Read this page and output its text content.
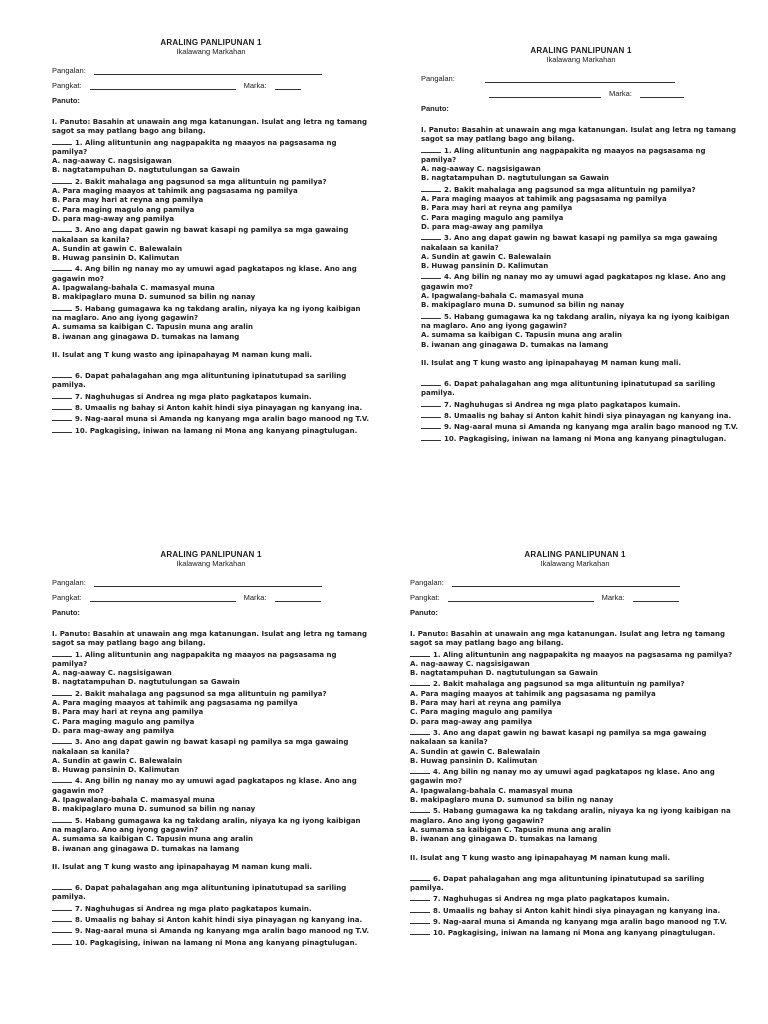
ARALING PANLIPUNAN 1
Ikalawang Markahan
Pangalan:
Pangkat:	Marka:
Panuto:
I. Panuto: Basahin at unawain ang mga katanungan. Isulat ang letra ng tamang sagot sa may patlang bago ang bilang.
1. Aling alituntunin ang nagpapakita ng maayos na pagsasama ng pamilya?
A. nag-aaway C. nagsisigawan
B. nagtatampuhan D. nagtutulungan sa Gawain
2. Bakit mahalaga ang pagsunod sa mga alituntuin ng pamilya?
A. Para maging maayos at tahimik ang pagsasama ng pamilya
B. Para may hari at reyna ang pamilya
C. Para maging magulo ang pamilya
D. para mag-away ang pamilya
3. Ano ang dapat gawin ng bawat kasapi ng pamilya sa mga gawaing nakalaan sa kanila?
A. Sundin at gawin C. Balewalain
B. Huwag pansinin D. Kalimutan
4. Ang bilin ng nanay mo ay umuwi agad pagkatapos ng klase. Ano ang gagawin mo?
A. Ipagwalang-bahala C. mamasyal muna
B. makipaglaro muna D. sumunod sa bilin ng nanay
5. Habang gumagawa ka ng takdang aralin, niyaya ka ng iyong kaibigan na maglaro. Ano ang iyong gagawin?
A. sumama sa kaibigan C. Tapusin muna ang aralin
B. iwanan ang ginagawa D. tumakas na lamang
II. Isulat ang T kung wasto ang ipinapahayag M naman kung mali.
6. Dapat pahalagahan ang mga alituntuning ipinatutupad sa sariling pamilya.
7. Naghuhugas si Andrea ng mga plato pagkatapos kumain.
8. Umaalis ng bahay si Anton kahit hindi siya pinayagan ng kanyang ina.
9. Nag-aaral muna si Amanda ng kanyang mga aralin bago manood ng T.V.
10. Pagkagising, iniwan na lamang ni Mona ang kanyang pinagtulugan.
ARALING PANLIPUNAN 1
Ikalawang Markahan
Pangalan:
Marka:
Panuto:
I. Panuto: Basahin at unawain ang mga katanungan. Isulat ang letra ng tamang sagot sa may patlang bago ang bilang.
1. Aling alituntunin ang nagpapakita ng maayos na pagsasama ng pamilya?
A. nag-aaway C. nagsisigawan
B. nagtatampuhan D. nagtutulungan sa Gawain
2. Bakit mahalaga ang pagsunod sa mga alituntuin ng pamilya?
A. Para maging maayos at tahimik ang pagsasama ng pamilya
B. Para may hari at reyna ang pamilya
C. Para maging magulo ang pamilya
D. para mag-away ang pamilya
3. Ano ang dapat gawin ng bawat kasapi ng pamilya sa mga gawaing nakalaan sa kanila?
A. Sundin at gawin C. Balewalain
B. Huwag pansinin D. Kalimutan
4. Ang bilin ng nanay mo ay umuwi agad pagkatapos ng klase. Ano ang gagawin mo?
A. Ipagwalang-bahala C. mamasyal muna
B. makipaglaro muna D. sumunod sa bilin ng nanay
5. Habang gumagawa ka ng takdang aralin, niyaya ka ng iyong kaibigan na maglaro. Ano ang iyong gagawin?
A. sumama sa kaibigan C. Tapusin muna ang aralin
B. iwanan ang ginagawa D. tumakas na lamang
II. Isulat ang T kung wasto ang ipinapahayag M naman kung mali.
6. Dapat pahalagahan ang mga alituntuning ipinatutupad sa sariling pamilya.
7. Naghuhugas si Andrea ng mga plato pagkatapos kumain.
8. Umaalis ng bahay si Anton kahit hindi siya pinayagan ng kanyang ina.
9. Nag-aaral muna si Amanda ng kanyang mga aralin bago manood ng T.V.
10. Pagkagising, iniwan na lamang ni Mona ang kanyang pinagtulugan.
ARALING PANLIPUNAN 1
Ikalawang Markahan
Pangalan:
Pangkat:	Marka:
Panuto:
I. Panuto: Basahin at unawain ang mga katanungan. Isulat ang letra ng tamang sagot sa may patlang bago ang bilang.
1. Aling alituntunin ang nagpapakita ng maayos na pagsasama ng pamilya?
A. nag-aaway C. nagsisigawan
B. nagtatampuhan D. nagtutulungan sa Gawain
2. Bakit mahalaga ang pagsunod sa mga alituntuin ng pamilya?
A. Para maging maayos at tahimik ang pagsasama ng pamilya
B. Para may hari at reyna ang pamilya
C. Para maging magulo ang pamilya
D. para mag-away ang pamilya
3. Ano ang dapat gawin ng bawat kasapi ng pamilya sa mga gawaing nakalaan sa kanila?
A. Sundin at gawin C. Balewalain
B. Huwag pansinin D. Kalimutan
4. Ang bilin ng nanay mo ay umuwi agad pagkatapos ng klase. Ano ang gagawin mo?
A. Ipagwalang-bahala C. mamasyal muna
B. makipaglaro muna D. sumunod sa bilin ng nanay
5. Habang gumagawa ka ng takdang aralin, niyaya ka ng iyong kaibigan na maglaro. Ano ang iyong gagawin?
A. sumama sa kaibigan C. Tapusin muna ang aralin
B. iwanan ang ginagawa D. tumakas na lamang
II. Isulat ang T kung wasto ang ipinapahayag M naman kung mali.
6. Dapat pahalagahan ang mga alituntuning ipinatutupad sa sariling pamilya.
7. Naghuhugas si Andrea ng mga plato pagkatapos kumain.
8. Umaalis ng bahay si Anton kahit hindi siya pinayagan ng kanyang ina.
9. Nag-aaral muna si Amanda ng kanyang mga aralin bago manood ng T.V.
10. Pagkagising, iniwan na lamang ni Mona ang kanyang pinagtulugan.
ARALING PANLIPUNAN 1
Ikalawang Markahan
Pangalan:
Pangkat:	Marka:
Panuto:
I. Panuto: Basahin at unawain ang mga katanungan. Isulat ang letra ng tamang sagot sa may patlang bago ang bilang.
1. Aling alituntunin ang nagpapakita ng maayos na pagsasama ng pamilya?
A. nag-aaway C. nagsisigawan
B. nagtatampuhan D. nagtutulungan sa Gawain
2. Bakit mahalaga ang pagsunod sa mga alituntuin ng pamilya?
A. Para maging maayos at tahimik ang pagsasama ng pamilya
B. Para may hari at reyna ang pamilya
C. Para maging magulo ang pamilya
D. para mag-away ang pamilya
3. Ano ang dapat gawin ng bawat kasapi ng pamilya sa mga gawaing nakalaan sa kanila?
A. Sundin at gawin C. Balewalain
B. Huwag pansinin D. Kalimutan
4. Ang bilin ng nanay mo ay umuwi agad pagkatapos ng klase. Ano ang gagawin mo?
A. Ipagwalang-bahala C. mamasyal muna
B. makipaglaro muna D. sumunod sa bilin ng nanay
5. Habang gumagawa ka ng takdang aralin, niyaya ka ng iyong kaibigan na maglaro. Ano ang iyong gagawin?
A. sumama sa kaibigan C. Tapusin muna ang aralin
B. iwanan ang ginagawa D. tumakas na lamang
II. Isulat ang T kung wasto ang ipinapahayag M naman kung mali.
6. Dapat pahalagahan ang mga alituntuning ipinatutupad sa sariling pamilya.
7. Naghuhugas si Andrea ng mga plato pagkatapos kumain.
8. Umaalis ng bahay si Anton kahit hindi siya pinayagan ng kanyang ina.
9. Nag-aaral muna si Amanda ng kanyang mga aralin bago manood ng T.V.
10. Pagkagising, iniwan na lamang ni Mona ang kanyang pinagtulugan.
